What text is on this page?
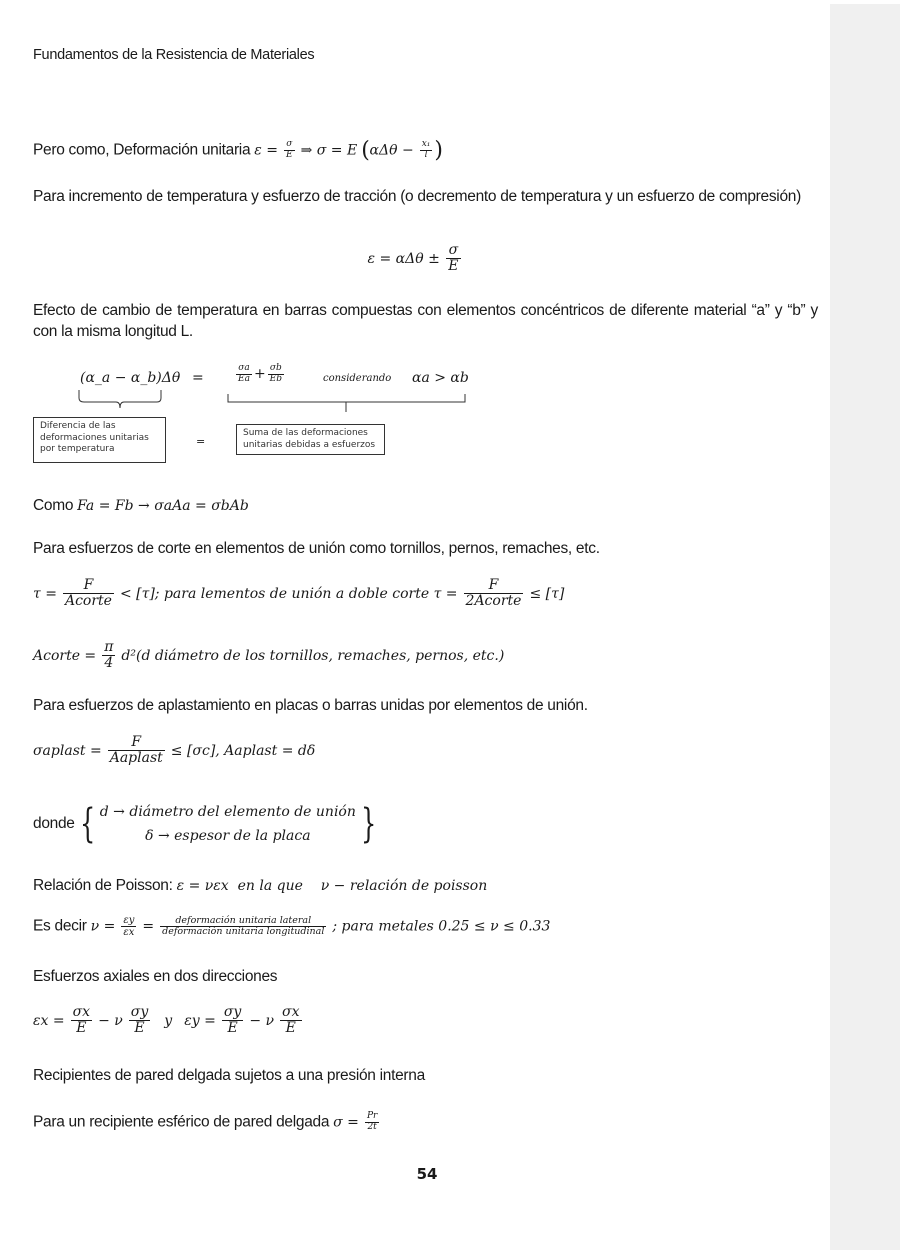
Fundamentos de la Resistencia de Materiales
Pero como, Deformación unitaria $\varepsilon = \frac{\sigma}{E}$ ⇒ σ = E ($\alpha\Delta\theta - \frac{\text{x₁}}{l}$ )
Para incremento de temperatura y esfuerzo de tracción (o decremento de temperatura y un esfuerzo de compresión)
$\varepsilon = \alpha\Delta\theta \pm \frac{\sigma}{E}$
Efecto de cambio de temperatura en barras compuestas con elementos concéntricos de diferente material “a” y “b” y con la misma longitud L.
(α_a − α_b)Δθ =	$\frac{\sigma a}{Ea} + \frac{\sigma b}{Eb}$	considerando αa > αb
Diferencia de las deformaciones unitarias por temperatura
=
Suma de las deformaciones unitarias debidas a esfuerzos
Como Fa = Fb → σaAa = σbAb
Para esfuerzos de corte en elementos de unión como tornillos, pernos, remaches, etc.
$\tau = \frac{F}{\text{Acorte}} < [\tau]$; para lementos de unión a doble corte $\tau = \frac{F}{\text{2Acorte}} \le [\tau]$
Acorte = $\frac{\pi}{4} d^2(d$ diámetro de los tornillos, remaches, pernos, etc.)
Para esfuerzos de aplastamiento en placas o barras unidas por elementos de unión.
σaplast = $\frac{F}{\text{Aaplast}} \le [\sigma c]$, Aaplast = dδ
donde { d → diámetro del elemento de unión
δ → espesor de la placa }
Relación de Poisson: ε = νεx  en la que    ν − relación de poisson
Es decir $\nu = \frac{\varepsilon y}{\varepsilon x} = \frac{\text{deformación unitaria lateral}}{\text{deformación unitaria longitudinal}}$ ; para metales 0.25 ≤ ν ≤ 0.33
Esfuerzos axiales en dos direcciones
$\varepsilon x = \frac{\sigma x}{E} - \nu \frac{\sigma y}{E}$ y $\varepsilon y = \frac{\sigma y}{E} - \nu \frac{\sigma x}{E}$
Recipientes de pared delgada sujetos a una presión interna
Para un recipiente esférico de pared delgada $\sigma = \frac{Pr}{2t}$
54
